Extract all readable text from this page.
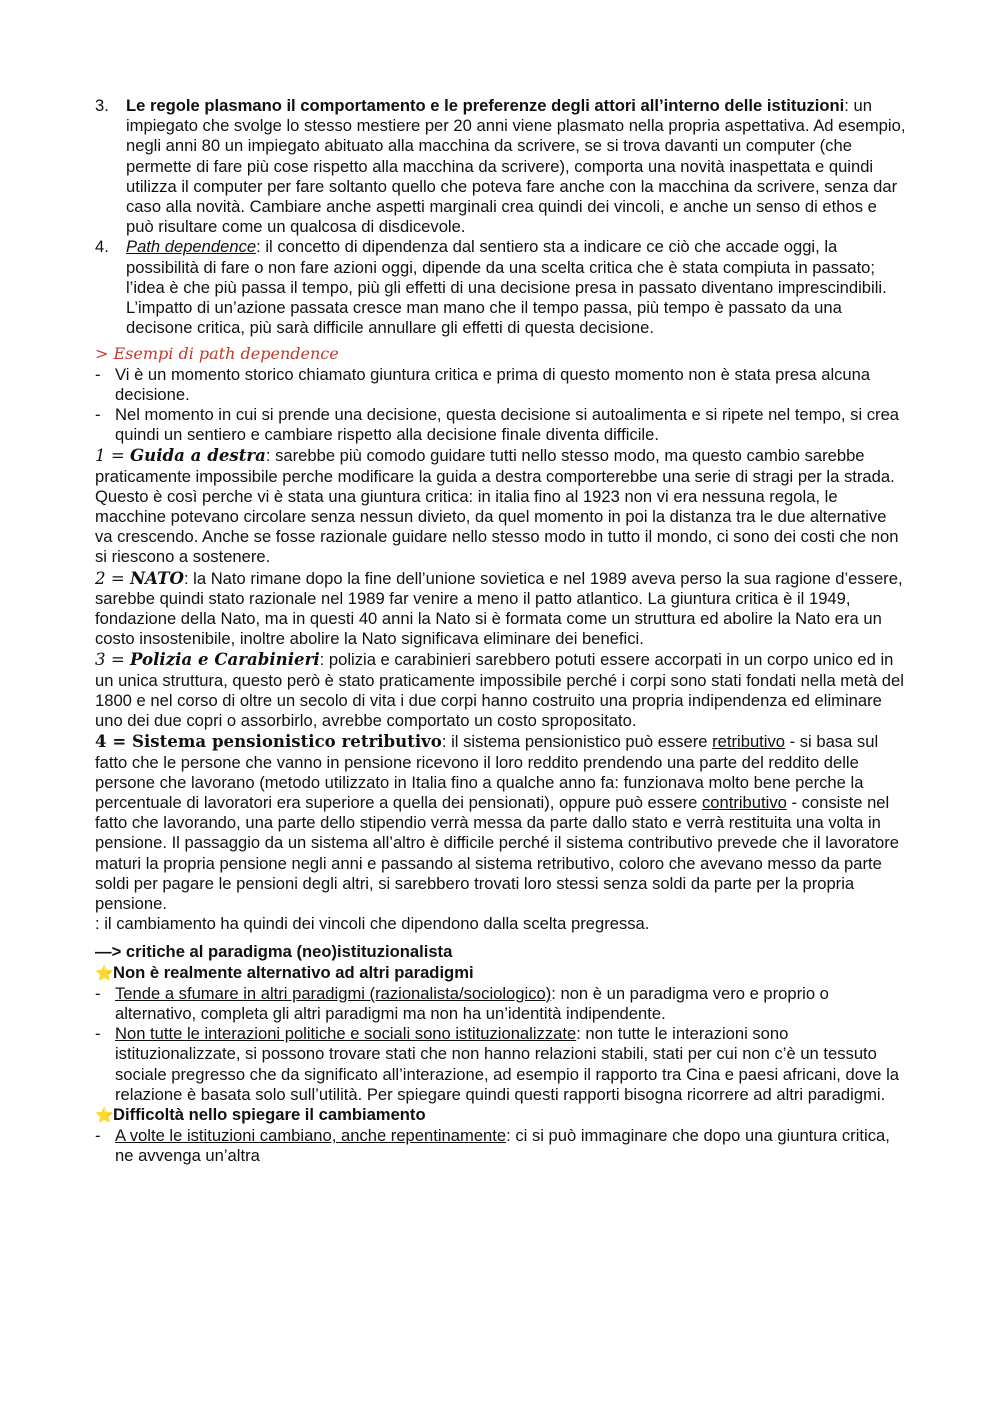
3. Le regole plasmano il comportamento e le preferenze degli attori all’interno delle istituzioni: un impiegato che svolge lo stesso mestiere per 20 anni viene plasmato nella propria aspettativa. Ad esempio, negli anni 80 un impiegato abituato alla macchina da scrivere, se si trova davanti un computer (che permette di fare più cose rispetto alla macchina da scrivere), comporta una novità inaspettata e quindi utilizza il computer per fare soltanto quello che poteva fare anche con la macchina da scrivere, senza dar caso alla novità. Cambiare anche aspetti marginali crea quindi dei vincoli, e anche un senso di ethos e può risultare come un qualcosa di disdicevole.

4. Path dependence: il concetto di dipendenza dal sentiero sta a indicare ce ciò che accade oggi, la possibilità di fare o non fare azioni oggi, dipende da una scelta critica che è stata compiuta in passato; l’idea è che più passa il tempo, più gli effetti di una decisione presa in passato diventano imprescindibili. L’impatto di un’azione passata cresce man mano che il tempo passa, più tempo è passato da una decisone critica, più sarà difficile annullare gli effetti di questa decisione.

> Esempi di path dependence
- Vi è un momento storico chiamato giuntura critica e prima di questo momento non è stata presa alcuna decisione.

- Nel momento in cui si prende una decisione, questa decisione si autoalimenta e si ripete nel tempo, si crea quindi un sentiero e cambiare rispetto alla decisione finale diventa difficile.

1 = Guida a destra: sarebbe più comodo guidare tutti nello stesso modo, ma questo cambio sarebbe praticamente impossibile perche modificare la guida a destra comporterebbe una serie di stragi per la strada. Questo è così perche vi è stata una giuntura critica: in italia fino al 1923 non vi era nessuna regola, le macchine potevano circolare senza nessun divieto, da quel momento in poi la distanza tra le due alternative va crescendo. Anche se fosse razionale guidare nello stesso modo in tutto il mondo, ci sono dei costi che non si riescono a sostenere.

2 = NATO: la Nato rimane dopo la fine dell’unione sovietica e nel 1989 aveva perso la sua ragione d’essere, sarebbe quindi stato razionale nel 1989 far venire a meno il patto atlantico. La giuntura critica è il 1949, fondazione della Nato, ma in questi 40 anni la Nato si è formata come un struttura ed abolire la Nato era un costo insostenibile, inoltre abolire la Nato significava eliminare dei benefici.

3 = Polizia e Carabinieri: polizia e carabinieri sarebbero potuti essere accorpati in un corpo unico ed in un unica struttura, questo però è stato praticamente impossibile perché i corpi sono stati fondati nella metà del 1800 e nel corso di oltre un secolo di vita i due corpi hanno costruito una propria indipendenza ed eliminare uno dei due copri o assorbirlo, avrebbe comportato un costo spropositato.

4 = Sistema pensionistico retributivo: il sistema pensionistico può essere retributivo - si basa sul fatto che le persone che vanno in pensione ricevono il loro reddito prendendo una parte del reddito delle persone che lavorano (metodo utilizzato in Italia fino a qualche anno fa: funzionava molto bene perche la percentuale di lavoratori era superiore a quella dei pensionati), oppure può essere contributivo - consiste nel fatto che lavorando, una parte dello stipendio verrà messa da parte dallo stato e verrà restituita una volta in pensione. Il passaggio da un sistema all’altro è difficile perché il sistema contributivo prevede che il lavoratore maturi la propria pensione negli anni e passando al sistema retributivo, coloro che avevano messo da parte soldi per pagare le pensioni degli altri, si sarebbero trovati loro stessi senza soldi da parte per la propria pensione.

: il cambiamento ha quindi dei vincoli che dipendono dalla scelta pregressa.

—> critiche al paradigma (neo)istituzionalista

⭐Non è realmente alternativo ad altri paradigmi

- Tende a sfumare in altri paradigmi (razionalista/sociologico): non è un paradigma vero e proprio o alternativo, completa gli altri paradigmi ma non ha un’identità indipendente.

- Non tutte le interazioni politiche e sociali sono istituzionalizzate: non tutte le interazioni sono istituzionalizzate, si possono trovare stati che non hanno relazioni stabili, stati per cui non c’è un tessuto sociale pregresso che da significato all’interazione, ad esempio il rapporto tra Cina e paesi africani, dove la relazione è basata solo sull’utilità. Per spiegare quindi questi rapporti bisogna ricorrere ad altri paradigmi.

⭐Difficoltà nello spiegare il cambiamento

- A volte le istituzioni cambiano, anche repentinamente: ci si può immaginare che dopo una giuntura critica, ne avvenga un’altra
